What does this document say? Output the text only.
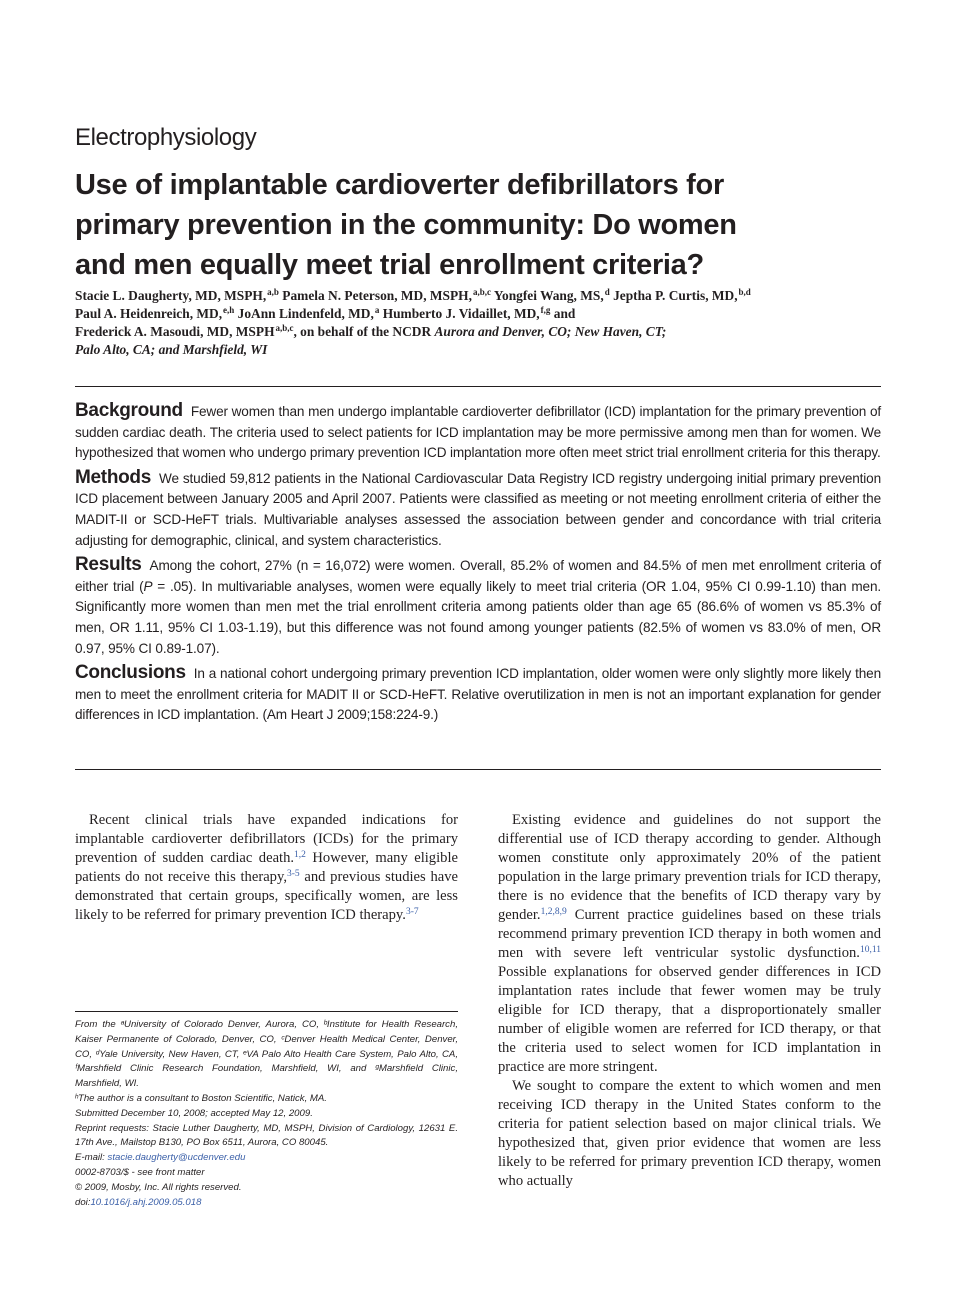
Electrophysiology
Use of implantable cardioverter defibrillators for
primary prevention in the community: Do women
and men equally meet trial enrollment criteria?
Stacie L. Daugherty, MD, MSPH,$^{a,b}$ Pamela N. Peterson, MD, MSPH,$^{a,b,c}$ Yongfei Wang, MS,$^d$ Jeptha P. Curtis, MD,$^{b,d}$
Paul A. Heidenreich, MD,$^{e,h}$ JoAnn Lindenfeld, MD,$^a$ Humberto J. Vidaillet, MD,$^{f,g}$ and
Frederick A. Masoudi, MD, MSPH$^{a,b,c}$, on behalf of the NCDR Aurora and Denver, CO; New Haven, CT;
Palo Alto, CA; and Marshfield, WI

Background Fewer women than men undergo implantable cardioverter defibrillator (ICD) implantation for the primary prevention of sudden cardiac death. The criteria used to select patients for ICD implantation may be more permissive among men than for women. We hypothesized that women who undergo primary prevention ICD implantation more often meet strict trial enrollment criteria for this therapy.

Methods We studied 59,812 patients in the National Cardiovascular Data Registry ICD registry undergoing initial primary prevention ICD placement between January 2005 and April 2007. Patients were classified as meeting or not meeting enrollment criteria of either the MADIT-II or SCD-HeFT trials. Multivariable analyses assessed the association between gender and concordance with trial criteria adjusting for demographic, clinical, and system characteristics.

Results Among the cohort, 27% (n = 16,072) were women. Overall, 85.2% of women and 84.5% of men met enrollment criteria of either trial (P = .05). In multivariable analyses, women were equally likely to meet trial criteria (OR 1.04, 95% CI 0.99-1.10) than men. Significantly more women than men met the trial enrollment criteria among patients older than age 65 (86.6% of women vs 85.3% of men, OR 1.11, 95% CI 1.03-1.19), but this difference was not found among younger patients (82.5% of women vs 83.0% of men, OR 0.97, 95% CI 0.89-1.07).

Conclusions In a national cohort undergoing primary prevention ICD implantation, older women were only slightly more likely then men to meet the enrollment criteria for MADIT II or SCD-HeFT. Relative overutilization in men is not an important explanation for gender differences in ICD implantation. (Am Heart J 2009;158:224-9.)

Recent clinical trials have expanded indications for implantable cardioverter defibrillators (ICDs) for the primary prevention of sudden cardiac death.$^{1,2}$ However, many eligible patients do not receive this therapy,$^{3-5}$ and previous studies have demonstrated that certain groups, specifically women, are less likely to be referred for primary prevention ICD therapy.$^{3-7}$

From the ᵃUniversity of Colorado Denver, Aurora, CO, ᵇInstitute for Health Research, Kaiser Permanente of Colorado, Denver, CO, ᶜDenver Health Medical Center, Denver, CO, ᵈYale University, New Haven, CT, ᵉVA Palo Alto Health Care System, Palo Alto, CA, ᶠMarshfield Clinic Research Foundation, Marshfield, WI, and ᵍMarshfield Clinic, Marshfield, WI.
ʰThe author is a consultant to Boston Scientific, Natick, MA.
Submitted December 10, 2008; accepted May 12, 2009.
Reprint requests: Stacie Luther Daugherty, MD, MSPH, Division of Cardiology, 12631 E. 17th Ave., Mailstop B130, PO Box 6511, Aurora, CO 80045.
E-mail: stacie.daugherty@ucdenver.edu
0002-8703/$ - see front matter
© 2009, Mosby, Inc. All rights reserved.
doi:10.1016/j.ahj.2009.05.018

Existing evidence and guidelines do not support the differential use of ICD therapy according to gender. Although women constitute only approximately 20% of the patient population in the large primary prevention trials for ICD therapy, there is no evidence that the benefits of ICD therapy vary by gender.$^{1,2,8,9}$ Current practice guidelines based on these trials recommend primary prevention ICD therapy in both women and men with severe left ventricular systolic dysfunction.$^{10,11}$ Possible explanations for observed gender differences in ICD implantation rates include that fewer women may be truly eligible for ICD therapy, that a disproportionately smaller number of eligible women are referred for ICD therapy, or that the criteria used to select women for ICD implantation in practice are more stringent.

We sought to compare the extent to which women and men receiving ICD therapy in the United States conform to the criteria for patient selection based on major clinical trials. We hypothesized that, given prior evidence that women are less likely to be referred for primary prevention ICD therapy, women who actually
